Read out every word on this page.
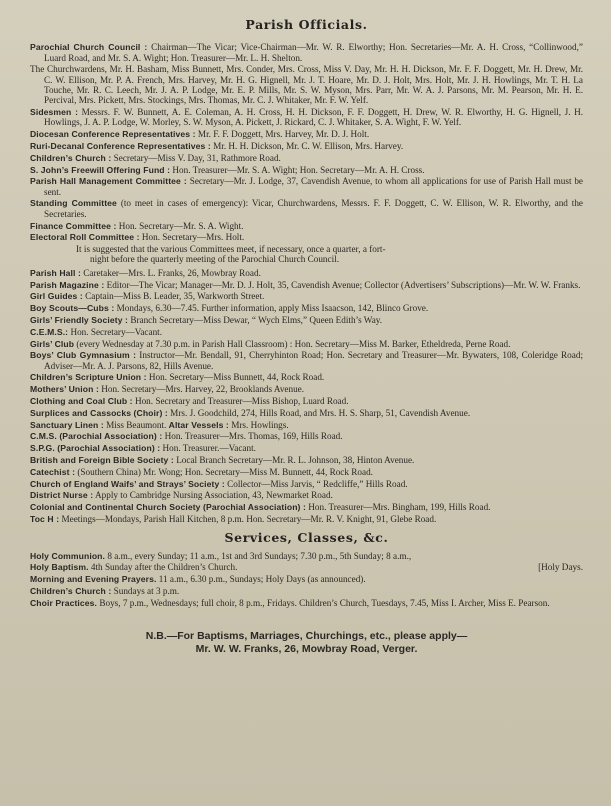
Parish Officials.
Parochial Church Council : Chairman—The Vicar; Vice-Chairman—Mr. W. R. Elworthy; Hon. Secretaries—Mr. A. H. Cross, “Collinwood,” Luard Road, and Mr. S. A. Wight; Hon. Treasurer—Mr. L. H. Shelton.
The Churchwardens, Mr. H. Basham, Miss Bunnett, Mrs. Conder, Mrs. Cross, Miss V. Day, Mr. H. H. Dickson, Mr. F. F. Doggett, Mr. H. Drew, Mr. C. W. Ellison, Mr. P. A. French, Mrs. Harvey, Mr. H. G. Hignell, Mr. J. T. Hoare, Mr. D. J. Holt, Mrs. Holt, Mr. J. H. Howlings, Mr. T. H. La Touche, Mr. R. C. Leech, Mr. J. A. P. Lodge, Mr. E. P. Mills, Mr. S. W. Myson, Mrs. Parr, Mr. W. A. J. Parsons, Mr. M. Pearson, Mr. H. E. Percival, Mrs. Pickett, Mrs. Stockings, Mrs. Thomas, Mr. C. J. Whitaker, Mr. F. W. Yelf.
Sidesmen : Messrs. F. W. Bunnett, A. E. Coleman, A. H. Cross, H. H. Dickson, F. F. Doggett, H. Drew, W. R. Elworthy, H. G. Hignell, J. H. Howlings, J. A. P. Lodge, W. Morley, S. W. Myson, A. Pickett, J. Rickard, C. J. Whitaker, S. A. Wight, F. W. Yelf.
Diocesan Conference Representatives : Mr. F. F. Doggett, Mrs. Harvey, Mr. D. J. Holt.
Ruri-Decanal Conference Representatives : Mr. H. H. Dickson, Mr. C. W. Ellison, Mrs. Harvey.
Children’s Church : Secretary—Miss V. Day, 31, Rathmore Road.
S. John’s Freewill Offering Fund : Hon. Treasurer—Mr. S. A. Wight; Hon. Secretary—Mr. A. H. Cross.
Parish Hall Management Committee : Secretary—Mr. J. Lodge, 37, Cavendish Avenue, to whom all applications for use of Parish Hall must be sent.
Standing Committee (to meet in cases of emergency): Vicar, Churchwardens, Messrs. F. F. Doggett, C. W. Ellison, W. R. Elworthy, and the Secretaries.
Finance Committee : Hon. Secretary—Mr. S. A. Wight.
Electoral Roll Committee : Hon. Secretary—Mrs. Holt.
It is suggested that the various Committees meet, if necessary, once a quarter, a fort-
night before the quarterly meeting of the Parochial Church Council.
Parish Hall : Caretaker—Mrs. L. Franks, 26, Mowbray Road.
Parish Magazine : Editor—The Vicar; Manager—Mr. D. J. Holt, 35, Cavendish Avenue; Collector (Advertisers’ Subscriptions)—Mr. W. W. Franks.
Girl Guides : Captain—Miss B. Leader, 35, Warkworth Street.
Boy Scouts—Cubs : Mondays, 6.30—7.45. Further information, apply Miss Isaacson, 142, Blinco Grove.
Girls’ Friendly Society : Branch Secretary—Miss Dewar, “ Wych Elms,” Queen Edith’s Way.
C.E.M.S.: Hon. Secretary—Vacant.
Girls’ Club (every Wednesday at 7.30 p.m. in Parish Hall Classroom) : Hon. Secretary—Miss M. Barker, Etheldreda, Perne Road.
Boys’ Club Gymnasium : Instructor—Mr. Bendall, 91, Cherryhinton Road; Hon. Secretary and Treasurer—Mr. Bywaters, 108, Coleridge Road; Adviser—Mr. A. J. Parsons, 82, Hills Avenue.
Children’s Scripture Union : Hon. Secretary—Miss Bunnett, 44, Rock Road.
Mothers’ Union : Hon. Secretary—Mrs. Harvey, 22, Brooklands Avenue.
Clothing and Coal Club : Hon. Secretary and Treasurer—Miss Bishop, Luard Road.
Surplices and Cassocks (Choir) : Mrs. J. Goodchild, 274, Hills Road, and Mrs. H. S. Sharp, 51, Cavendish Avenue.
Sanctuary Linen : Miss Beaumont. Altar Vessels : Mrs. Howlings.
C.M.S. (Parochial Association) : Hon. Treasurer—Mrs. Thomas, 169, Hills Road.
S.P.G. (Parochial Association) : Hon. Treasurer.—Vacant.
British and Foreign Bible Society : Local Branch Secretary—Mr. R. L. Johnson, 38, Hinton Avenue.
Catechist : (Southern China) Mr. Wong; Hon. Secretary—Miss M. Bunnett, 44, Rock Road.
Church of England Waifs’ and Strays’ Society : Collector—Miss Jarvis, “ Redcliffe,” Hills Road.
District Nurse : Apply to Cambridge Nursing Association, 43, Newmarket Road.
Colonial and Continental Church Society (Parochial Association) : Hon. Treasurer—Mrs. Bingham, 199, Hills Road.
Toc H : Meetings—Mondays, Parish Hall Kitchen, 8 p.m. Hon. Secretary—Mr. R. V. Knight, 91, Glebe Road.
Services, Classes, &c.
Holy Communion. 8 a.m., every Sunday; 11 a.m., 1st and 3rd Sundays; 7.30 p.m., 5th Sunday; 8 a.m.,
Holy Baptism. 4th Sunday after the Children’s Church.	[Holy Days.
Morning and Evening Prayers. 11 a.m., 6.30 p.m., Sundays; Holy Days (as announced).
Children’s Church : Sundays at 3 p.m.
Choir Practices. Boys, 7 p.m., Wednesdays; full choir, 8 p.m., Fridays. Children’s Church, Tuesdays, 7.45, Miss I. Archer, Miss E. Pearson.
N.B.—For Baptisms, Marriages, Churchings, etc., please apply—
Mr. W. W. Franks, 26, Mowbray Road, Verger.
